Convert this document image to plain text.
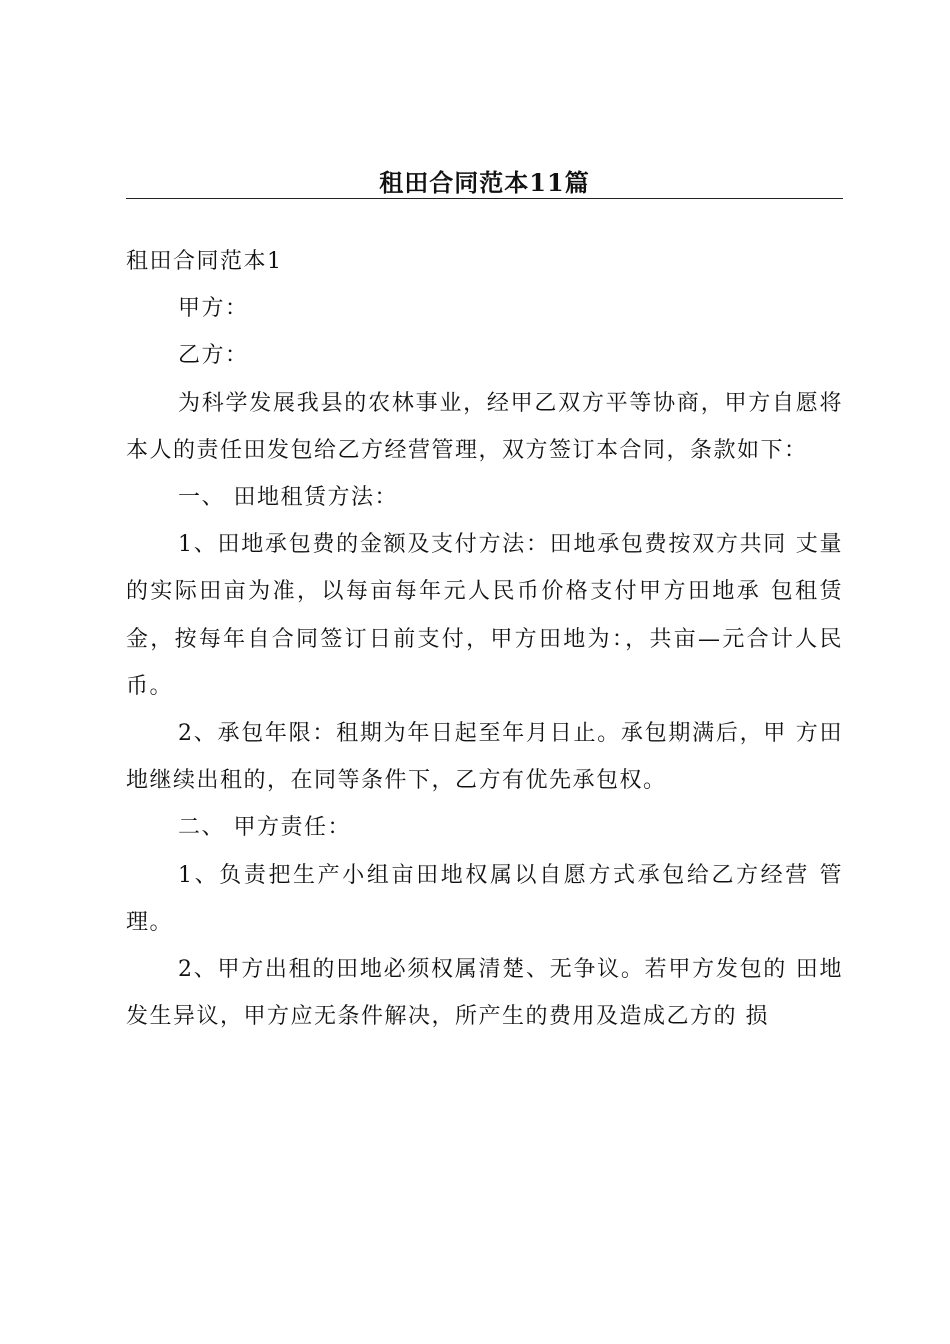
租田合同范本11篇

租田合同范本1

甲方：

乙方：

为科学发展我县的农林事业，经甲乙双方平等协商，甲方自愿将本人的责任田发包给乙方经营管理，双方签订本合同，条款如下：

一、 田地租赁方法：

1、田地承包费的金额及支付方法：田地承包费按双方共同 丈量的实际田亩为准，以每亩每年元人民币价格支付甲方田地承 包租赁金，按每年自合同签订日前支付，甲方田地为：，共亩—元合计人民币。

2、承包年限：租期为年日起至年月日止。承包期满后，甲 方田地继续出租的，在同等条件下，乙方有优先承包权。

二、 甲方责任：

1、负责把生产小组亩田地权属以自愿方式承包给乙方经营 管理。

2、甲方出租的田地必须权属清楚、无争议。若甲方发包的 田地发生异议，甲方应无条件解决，所产生的费用及造成乙方的 损
